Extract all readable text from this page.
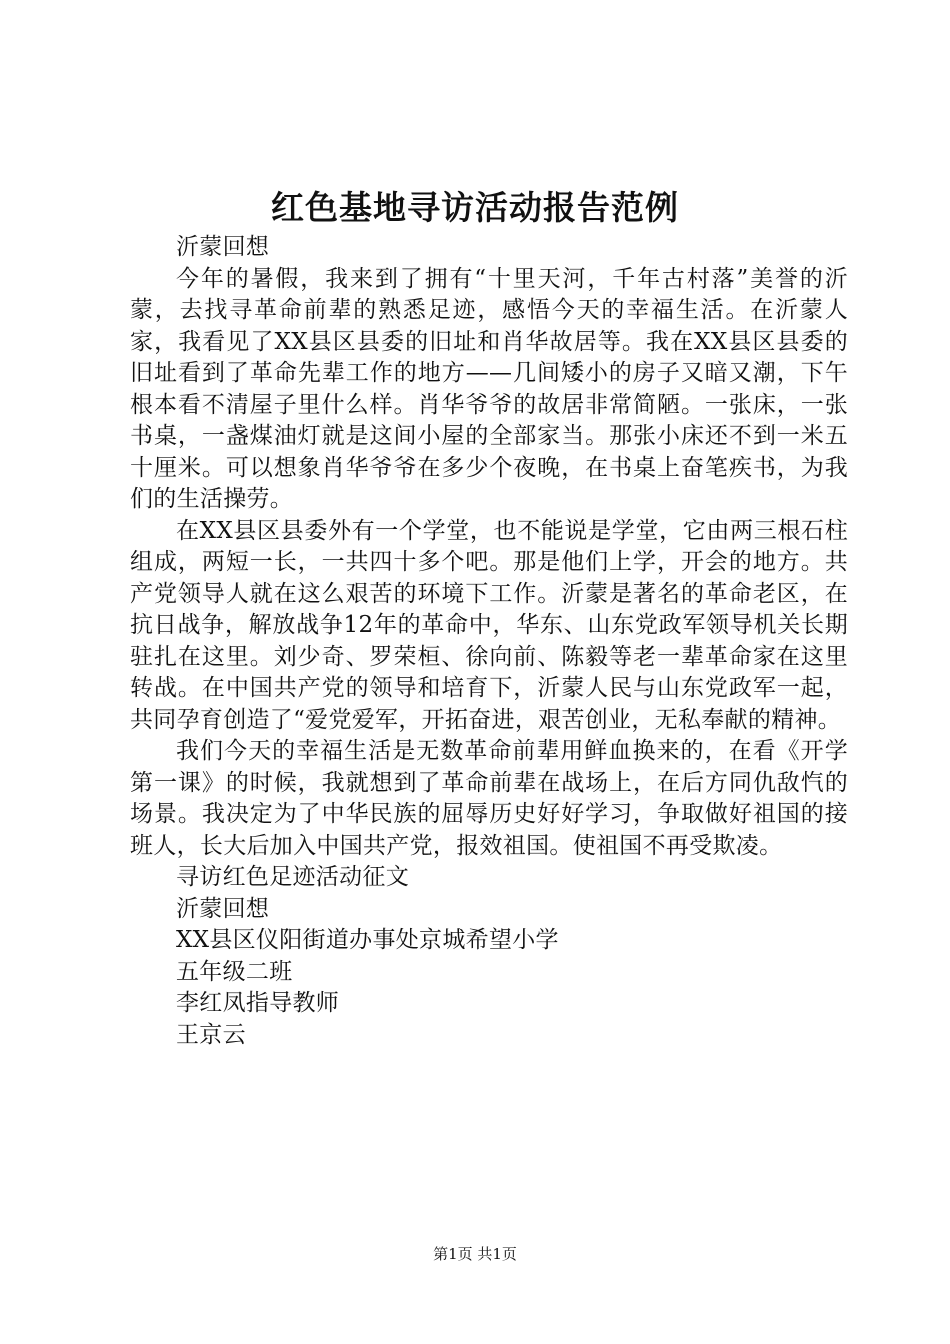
红色基地寻访活动报告范例

沂蒙回想

今年的暑假，我来到了拥有“十里天河，千年古村落”美誉的沂蒙，去找寻革命前辈的熟悉足迹，感悟今天的幸福生活。在沂蒙人家，我看见了XX县区县委的旧址和肖华故居等。我在XX县区县委的旧址看到了革命先辈工作的地方——几间矮小的房子又暗又潮，下午根本看不清屋子里什么样。肖华爷爷的故居非常简陋。一张床，一张书桌，一盏煤油灯就是这间小屋的全部家当。那张小床还不到一米五十厘米。可以想象肖华爷爷在多少个夜晚，在书桌上奋笔疾书，为我们的生活操劳。

在XX县区县委外有一个学堂，也不能说是学堂，它由两三根石柱组成，两短一长，一共四十多个吧。那是他们上学，开会的地方。共产党领导人就在这么艰苦的环境下工作。沂蒙是著名的革命老区，在抗日战争，解放战争12年的革命中，华东、山东党政军领导机关长期驻扎在这里。刘少奇、罗荣桓、徐向前、陈毅等老一辈革命家在这里转战。在中国共产党的领导和培育下，沂蒙人民与山东党政军一起，共同孕育创造了“爱党爱军，开拓奋进，艰苦创业，无私奉献的精神。

我们今天的幸福生活是无数革命前辈用鲜血换来的，在看《开学第一课》的时候，我就想到了革命前辈在战场上，在后方同仇敌忾的场景。我决定为了中华民族的屈辱历史好好学习，争取做好祖国的接班人，长大后加入中国共产党，报效祖国。使祖国不再受欺凌。

寻访红色足迹活动征文

沂蒙回想

XX县区仪阳街道办事处京城希望小学

五年级二班

李红凤指导教师

王京云

第1页 共1页
